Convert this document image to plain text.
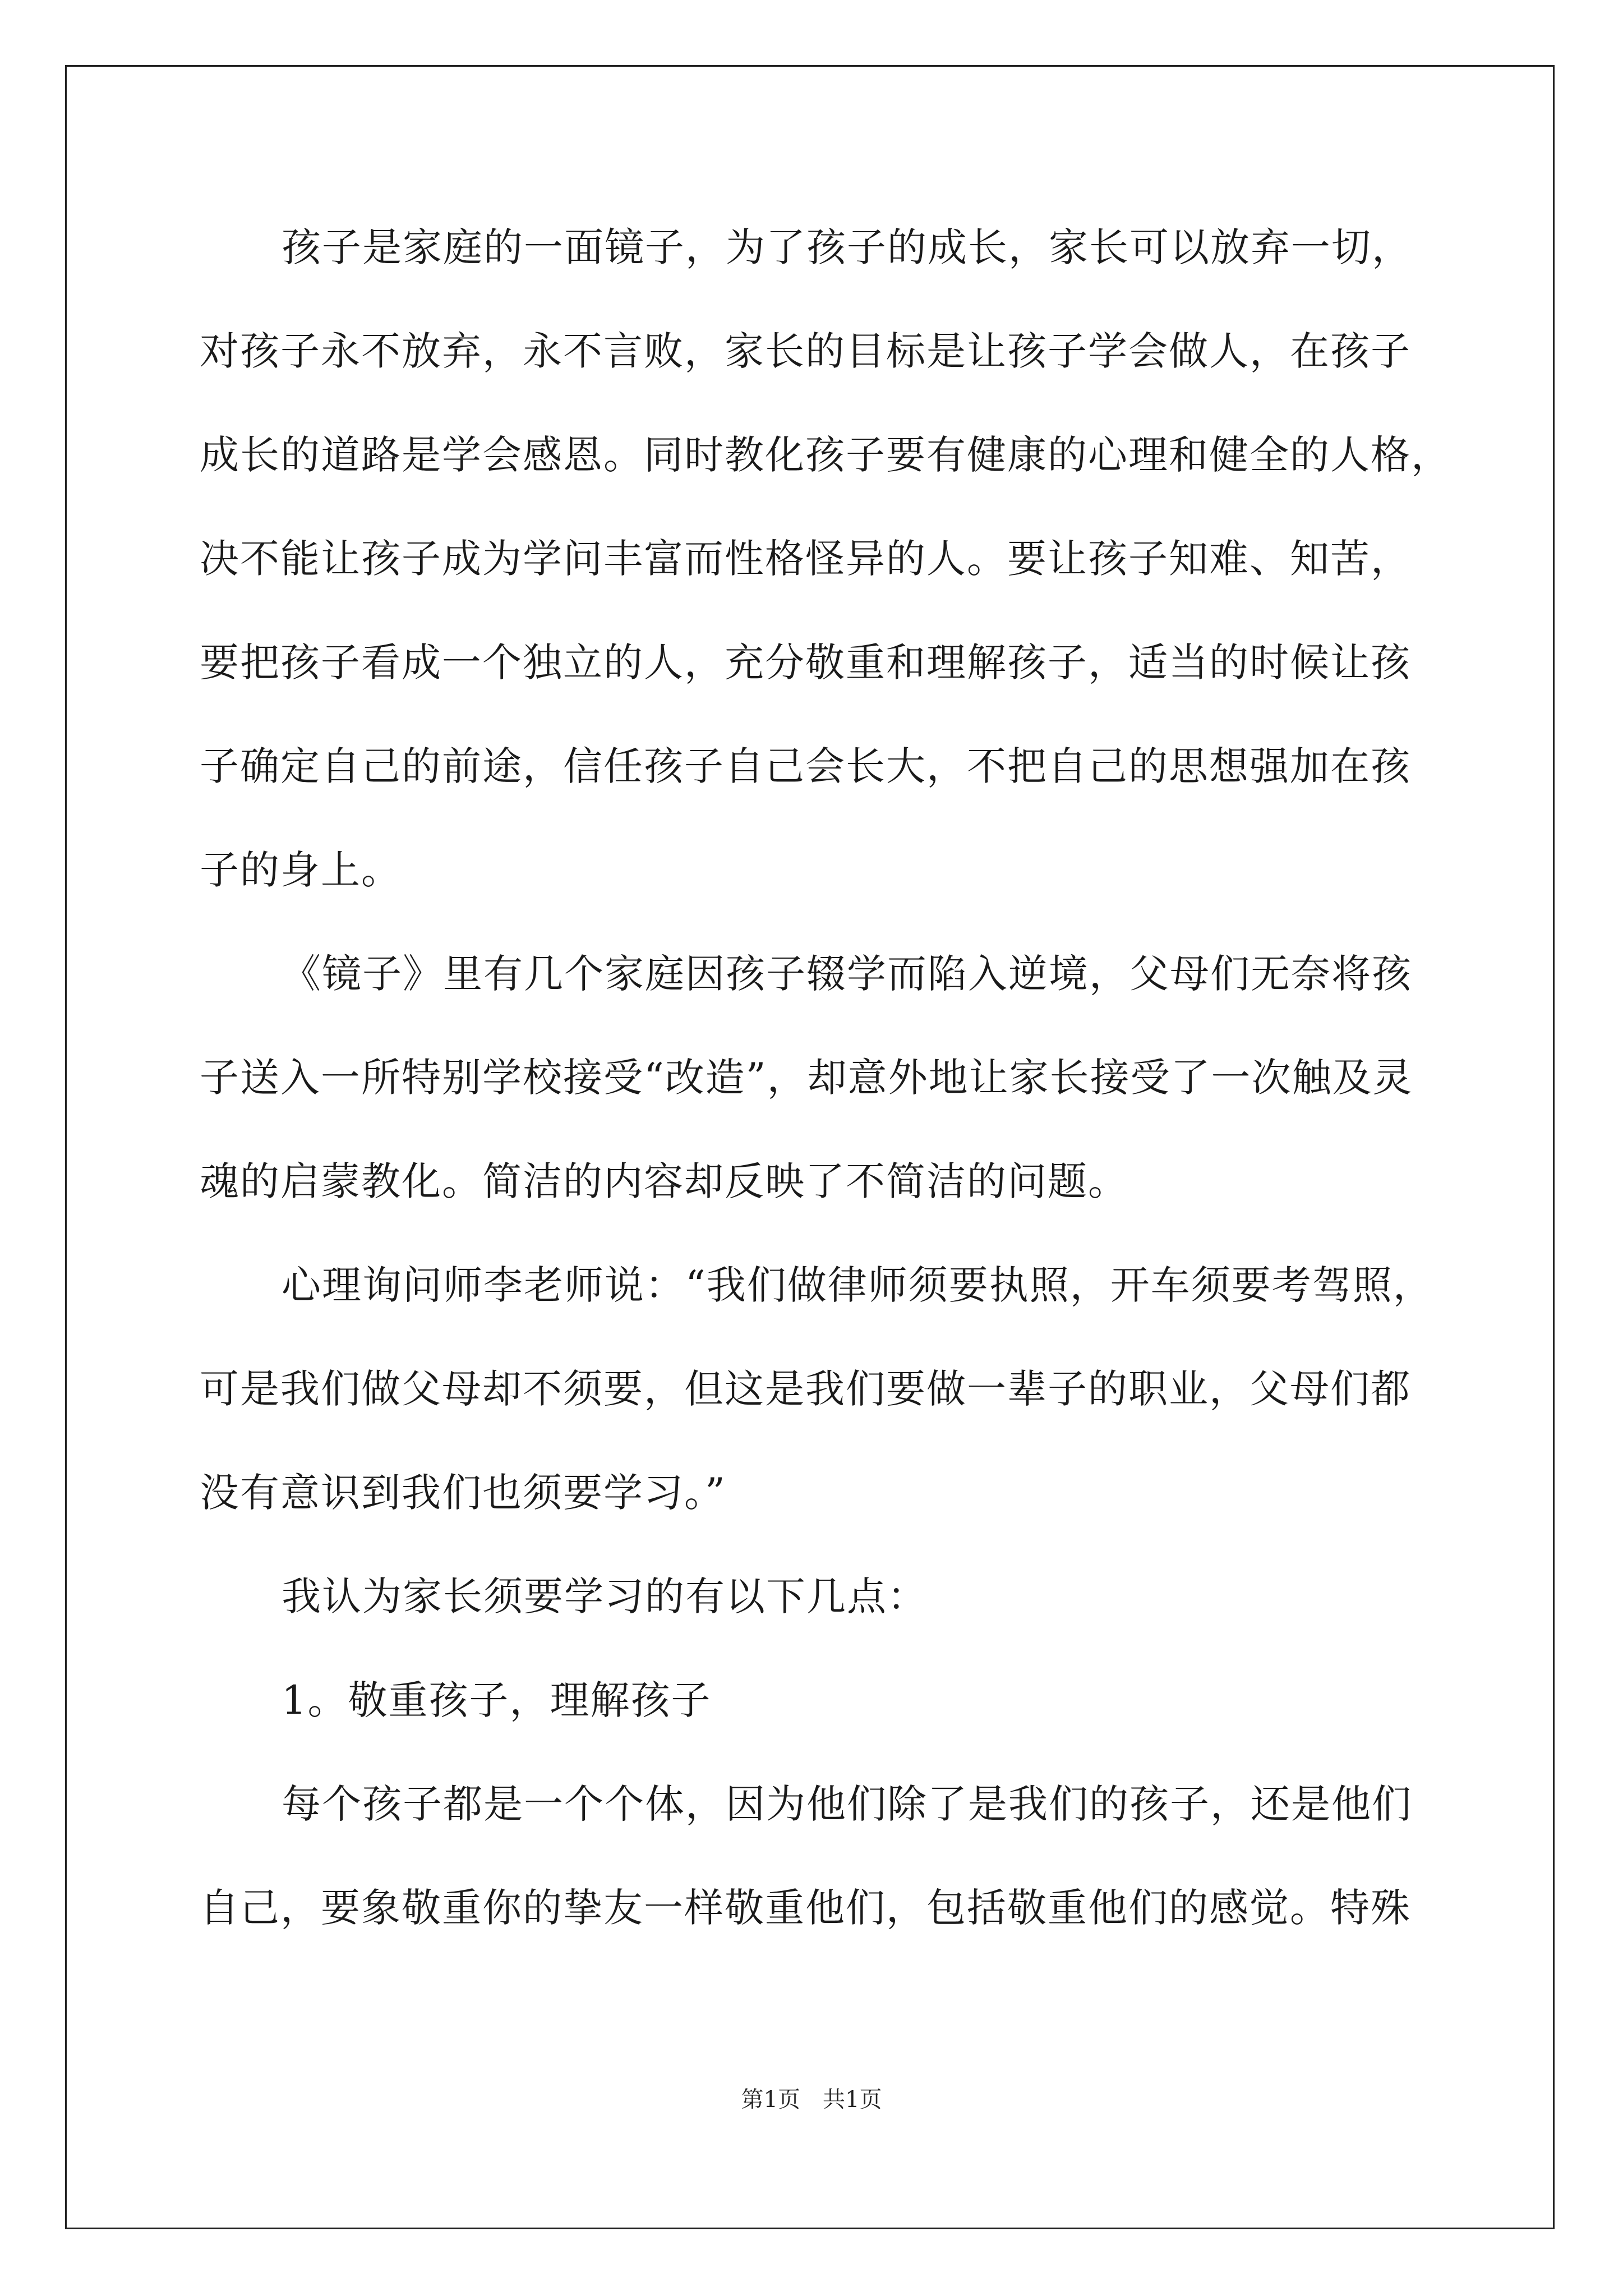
孩子是家庭的一面镜子，为了孩子的成长，家长可以放弃一切，
对孩子永不放弃，永不言败，家长的目标是让孩子学会做人，在孩子
成长的道路是学会感恩。同时教化孩子要有健康的心理和健全的人格，
决不能让孩子成为学问丰富而性格怪异的人。要让孩子知难、知苦，
要把孩子看成一个独立的人，充分敬重和理解孩子，适当的时候让孩
子确定自己的前途，信任孩子自己会长大，不把自己的思想强加在孩
子的身上。
《镜子》里有几个家庭因孩子辍学而陷入逆境，父母们无奈将孩
子送入一所特别学校接受“改造”，却意外地让家长接受了一次触及灵
魂的启蒙教化。简洁的内容却反映了不简洁的问题。
心理询问师李老师说：“我们做律师须要执照，开车须要考驾照，
可是我们做父母却不须要，但这是我们要做一辈子的职业，父母们都
没有意识到我们也须要学习。”
我认为家长须要学习的有以下几点：
1。敬重孩子，理解孩子
每个孩子都是一个个体，因为他们除了是我们的孩子，还是他们
自己，要象敬重你的挚友一样敬重他们，包括敬重他们的感觉。特殊
第1页　共1页
